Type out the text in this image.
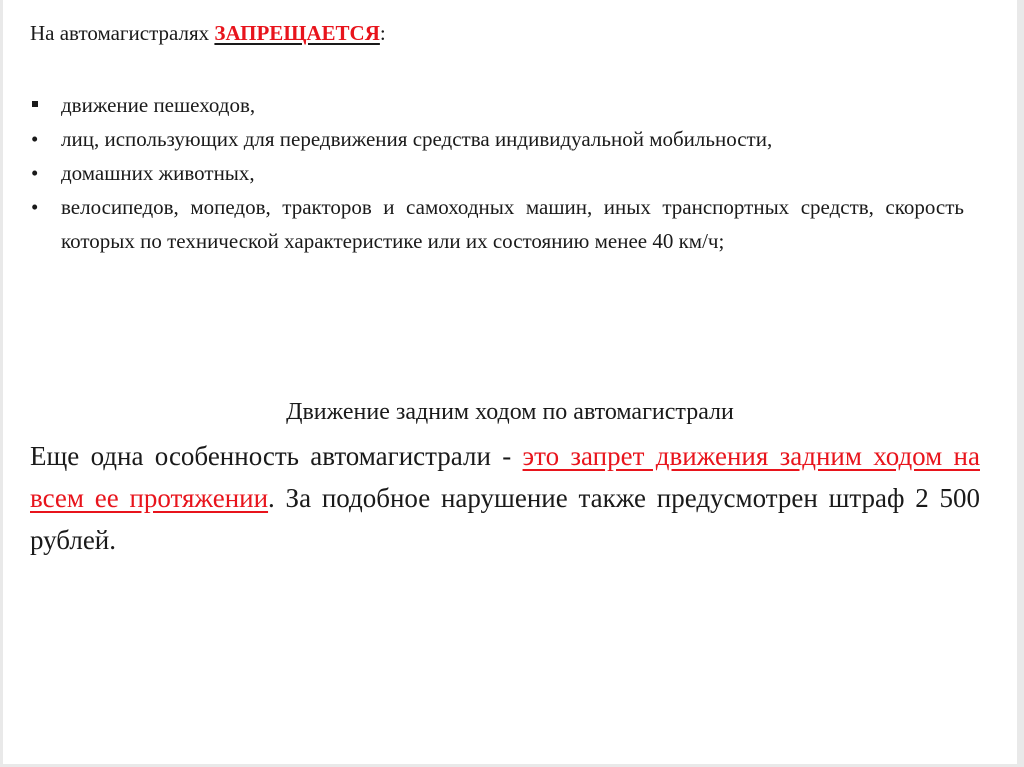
На автомагистралях ЗАПРЕЩАЕТСЯ:
движение пешеходов,
лиц, использующих для передвижения средства индивидуальной мобильности,
домашних животных,
велосипедов, мопедов, тракторов и самоходных машин, иных транспортных средств, скорость которых по технической характеристике или их состоянию менее 40 км/ч;
Движение задним ходом по автомагистрали

Еще одна особенность автомагистрали - это запрет движения задним ходом на всем ее протяжении. За подобное нарушение также предусмотрен штраф 2 500 рублей.
